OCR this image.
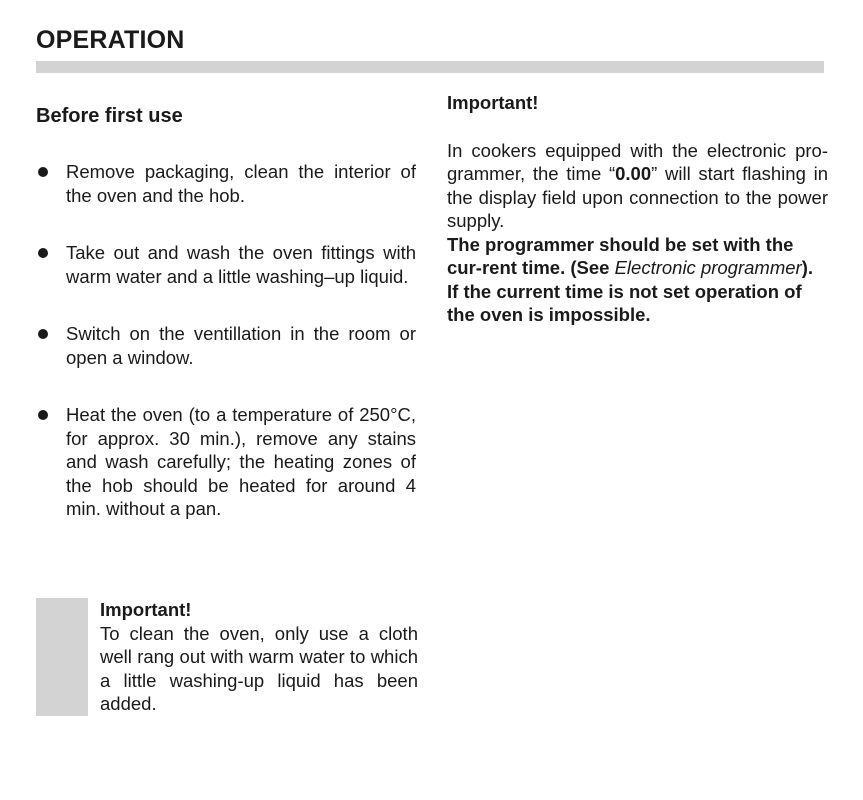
OPERATION
Before first use
Remove packaging, clean the interior of the oven and the hob.
Take out and wash the oven fittings with warm water and a little washing–up liquid.
Switch on the ventillation in the room or open a window.
Heat the oven (to a temperature of 250°C, for approx. 30 min.), remove any stains and wash carefully; the heating zones of the hob should be heated for around 4 min. without a pan.
Important!
To clean the oven, only use a cloth well rang out with warm water to which a little washing-up liquid has been added.
Important!
In cookers equipped with the electronic pro-grammer, the time “0.00” will start flashing in the display field upon connection to the power supply.
The programmer should be set with the cur-rent time. (See Electronic programmer). If the current time is not set operation of the oven is impossible.
